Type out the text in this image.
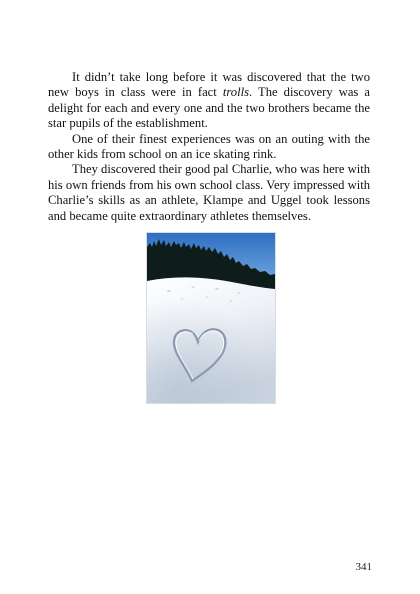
It didn’t take long before it was discovered that the two new boys in class were in fact trolls. The discovery was a delight for each and every one and the two brothers became the star pupils of the establishment.

One of their finest experiences was on an outing with the other kids from school on an ice skating rink.

They discovered their good pal Charlie, who was here with his own friends from his own school class. Very impressed with Charlie’s skills as an athlete, Klampe and Uggel took lessons and became quite extraordinary athletes themselves.

341
